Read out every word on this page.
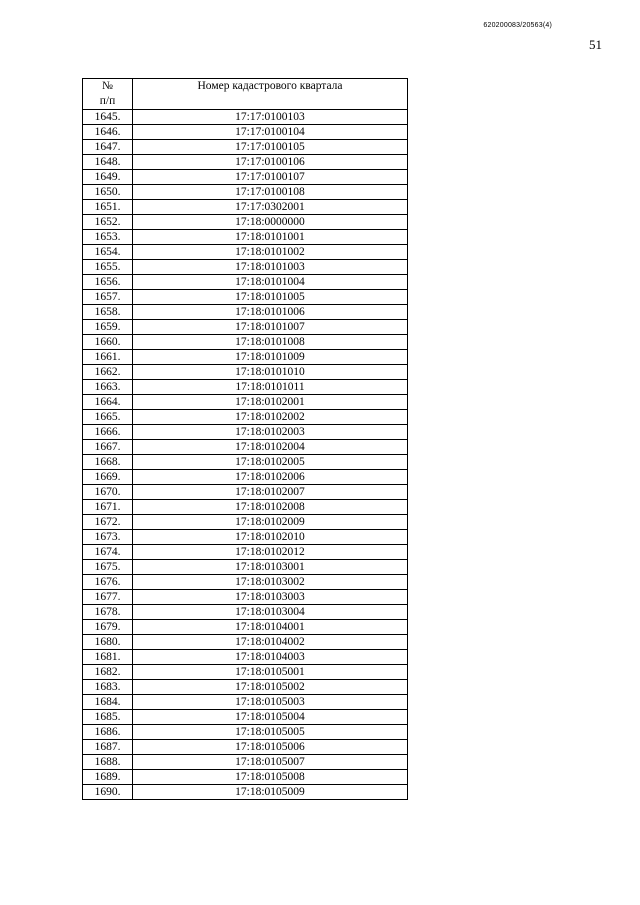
620200083/20563(4)
51
№
п/п	Номер кадастрового квартала
1645.	17:17:0100103
1646.	17:17:0100104
1647.	17:17:0100105
1648.	17:17:0100106
1649.	17:17:0100107
1650.	17:17:0100108
1651.	17:17:0302001
1652.	17:18:0000000
1653.	17:18:0101001
1654.	17:18:0101002
1655.	17:18:0101003
1656.	17:18:0101004
1657.	17:18:0101005
1658.	17:18:0101006
1659.	17:18:0101007
1660.	17:18:0101008
1661.	17:18:0101009
1662.	17:18:0101010
1663.	17:18:0101011
1664.	17:18:0102001
1665.	17:18:0102002
1666.	17:18:0102003
1667.	17:18:0102004
1668.	17:18:0102005
1669.	17:18:0102006
1670.	17:18:0102007
1671.	17:18:0102008
1672.	17:18:0102009
1673.	17:18:0102010
1674.	17:18:0102012
1675.	17:18:0103001
1676.	17:18:0103002
1677.	17:18:0103003
1678.	17:18:0103004
1679.	17:18:0104001
1680.	17:18:0104002
1681.	17:18:0104003
1682.	17:18:0105001
1683.	17:18:0105002
1684.	17:18:0105003
1685.	17:18:0105004
1686.	17:18:0105005
1687.	17:18:0105006
1688.	17:18:0105007
1689.	17:18:0105008
1690.	17:18:0105009
